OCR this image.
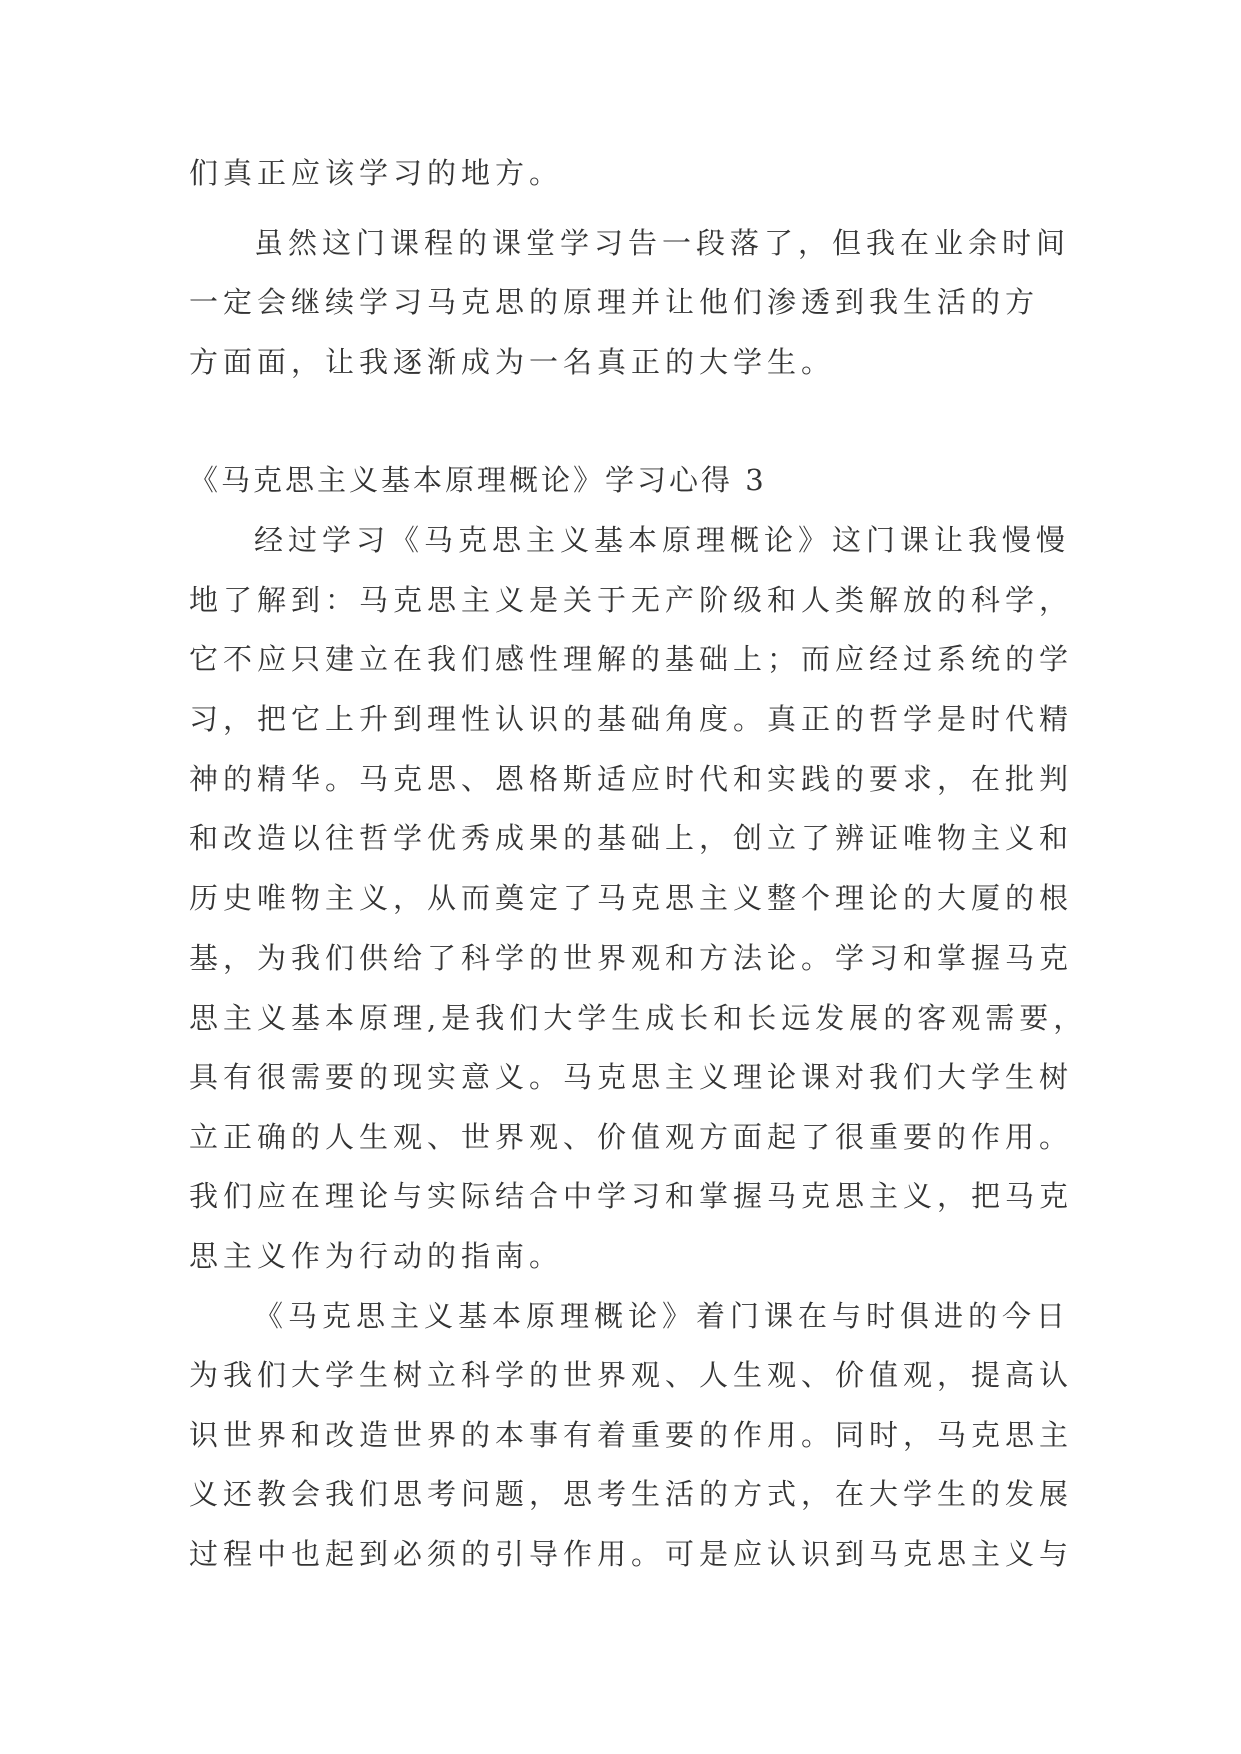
们真正应该学习的地方。
虽然这门课程的课堂学习告一段落了，但我在业余时间
一定会继续学习马克思的原理并让他们渗透到我生活的方
方面面，让我逐渐成为一名真正的大学生。
《马克思主义基本原理概论》学习心得 3
经过学习《马克思主义基本原理概论》这门课让我慢慢
地了解到：马克思主义是关于无产阶级和人类解放的科学，
它不应只建立在我们感性理解的基础上；而应经过系统的学
习，把它上升到理性认识的基础角度。真正的哲学是时代精
神的精华。马克思、恩格斯适应时代和实践的要求，在批判
和改造以往哲学优秀成果的基础上，创立了辨证唯物主义和
历史唯物主义，从而奠定了马克思主义整个理论的大厦的根
基，为我们供给了科学的世界观和方法论。学习和掌握马克
思主义基本原理,是我们大学生成长和长远发展的客观需要，
具有很需要的现实意义。马克思主义理论课对我们大学生树
立正确的人生观、世界观、价值观方面起了很重要的作用。
我们应在理论与实际结合中学习和掌握马克思主义，把马克
思主义作为行动的指南。
《马克思主义基本原理概论》着门课在与时俱进的今日
为我们大学生树立科学的世界观、人生观、价值观，提高认
识世界和改造世界的本事有着重要的作用。同时，马克思主
义还教会我们思考问题，思考生活的方式，在大学生的发展
过程中也起到必须的引导作用。可是应认识到马克思主义与
